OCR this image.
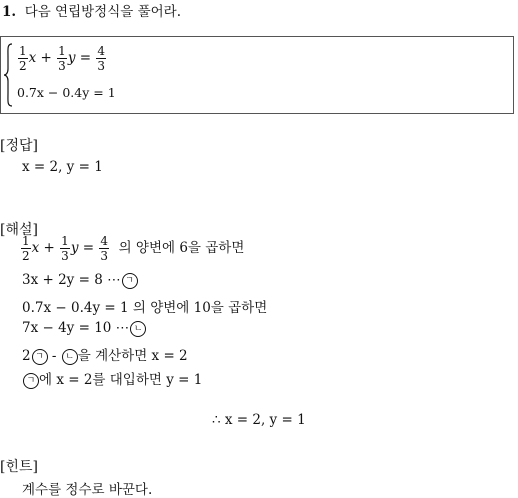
1. 다음 연립방정식을 풀어라.
$\frac{1}{2}$ $x + \frac{1}{3}$ $y = \frac{4}{3}$
0.7x − 0.4y = 1
[정답]
x = 2, y = 1
[해설]
$\frac{1}{2}$ $x + \frac{1}{3}$ $y = \frac{4}{3}$ 의 양변에 6을 곱하면
3x + 2y = 8 ⋯ ㄱ
0.7x − 0.4y = 1 의 양변에 10을 곱하면
7x − 4y = 10 ⋯ ㄴ
2 ㄱ - ㄴ 을 계산하면 x = 2
ㄱ 에 x = 2를 대입하면 y = 1
∴ x = 2, y = 1
[힌트]
계수를 정수로 바꾼다.
